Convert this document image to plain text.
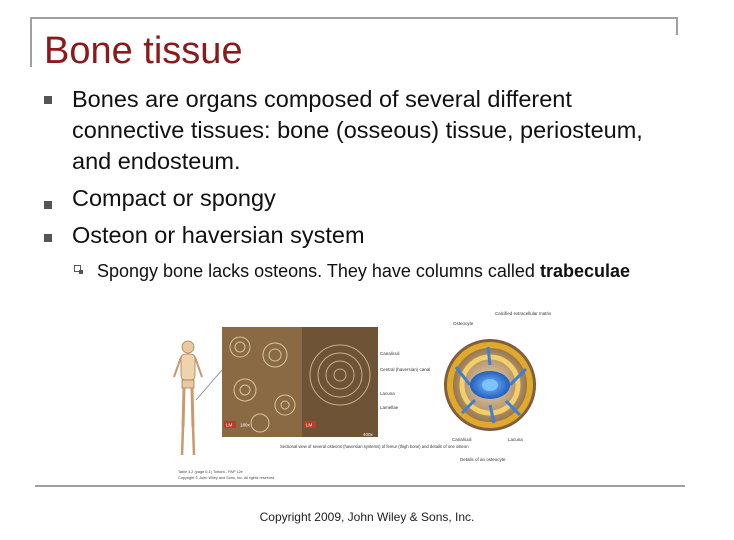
Bone tissue
Bones are organs composed of several different connective tissues: bone (osseous) tissue, periosteum, and endosteum.
Compact or spongy
Osteon or haversian system
Spongy bone lacks osteons. They have columns called trabeculae
LM 180x	LM
400x
Canaliculi
Central (haversian) canal
Lacuna
Lamellae
Sectional view of several osteons (haversian systems) of femur (thigh bone) and details of one osteon
Osteocyte
Calcified extracellular matrix
Canaliculi	Lacuna
Details of an osteocyte
Table 4.2 (page 0-1) Tortora - PAP 12e
Copyright © John Wiley and Sons, Inc. All rights reserved.
Copyright 2009, John Wiley & Sons, Inc.
